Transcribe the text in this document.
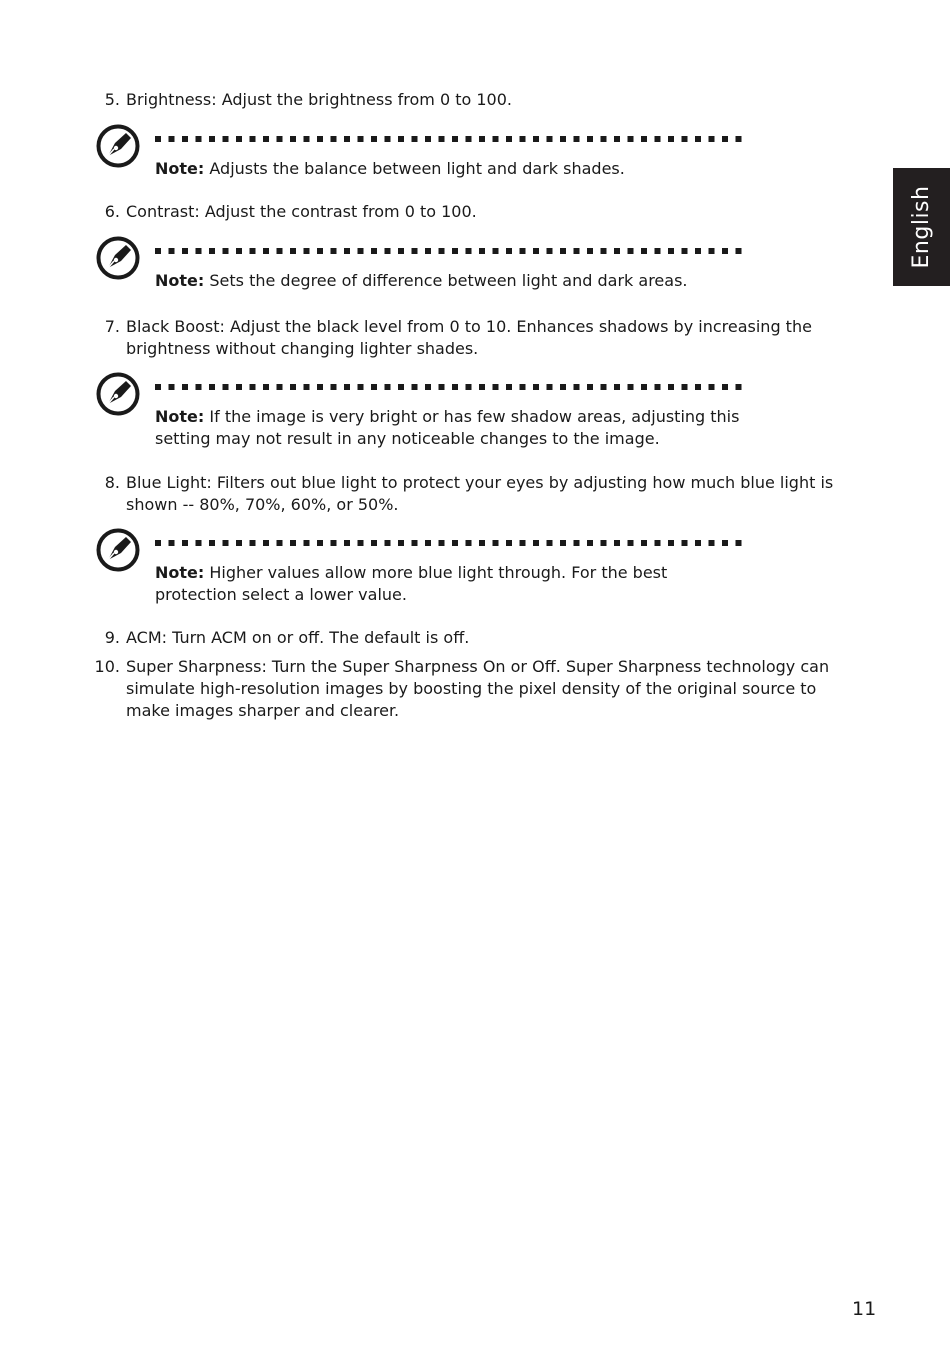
English
5. Brightness: Adjust the brightness from 0 to 100.
Note: Adjusts the balance between light and dark shades.
6. Contrast: Adjust the contrast from 0 to 100.
Note: Sets the degree of difference between light and dark areas.
7. Black Boost: Adjust the black level from 0 to 10. Enhances shadows by increasing the brightness without changing lighter shades.
Note: If the image is very bright or has few shadow areas, adjusting this setting may not result in any noticeable changes to the image.
8. Blue Light: Filters out blue light to protect your eyes by adjusting how much blue light is shown -- 80%, 70%, 60%, or 50%.
Note: Higher values allow more blue light through. For the best protection select a lower value.
9. ACM: Turn ACM on or off. The default is off.
10. Super Sharpness: Turn the Super Sharpness On or Off. Super Sharpness technology can simulate high-resolution images by boosting the pixel density of the original source to make images sharper and clearer.
11
